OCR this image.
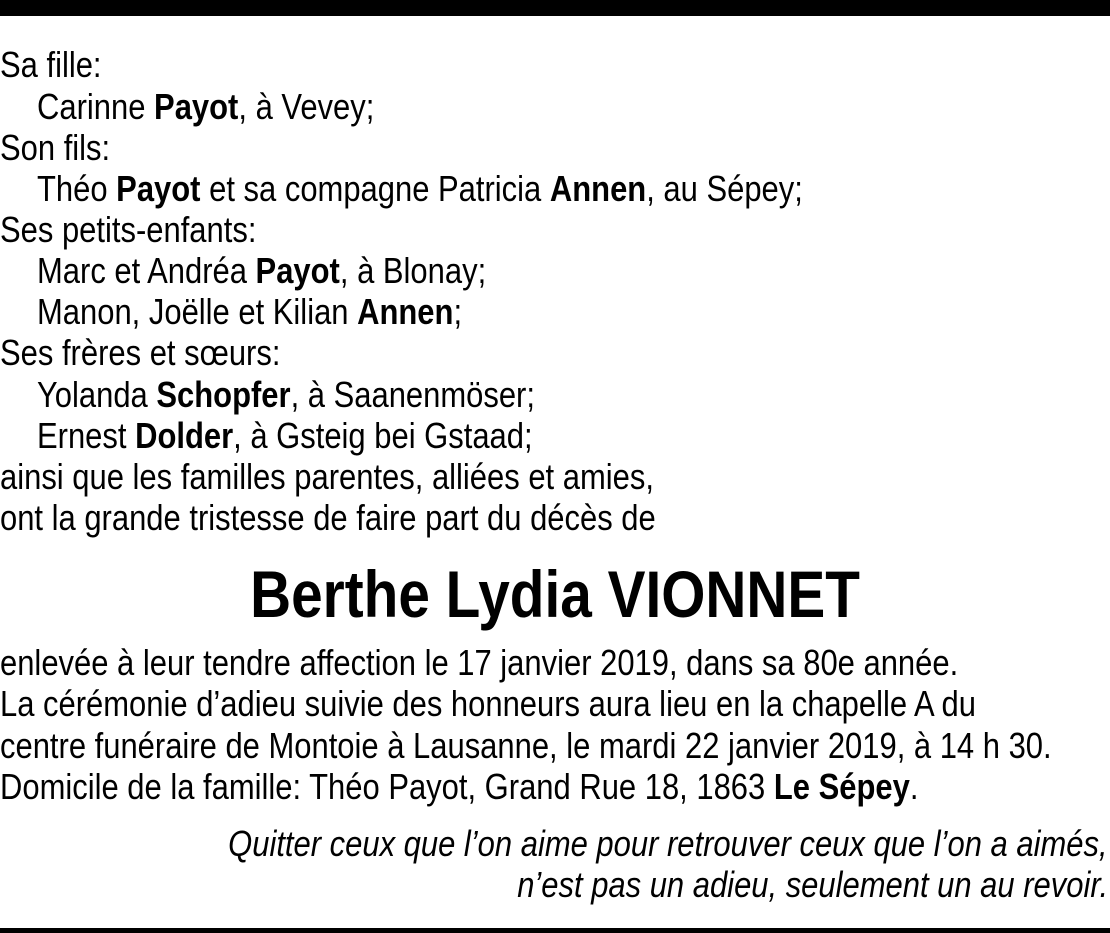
Sa fille:
Carinne Payot, à Vevey;
Son fils:
Théo Payot et sa compagne Patricia Annen, au Sépey;
Ses petits-enfants:
Marc et Andréa Payot, à Blonay;
Manon, Joëlle et Kilian Annen;
Ses frères et sœurs:
Yolanda Schopfer, à Saanenmöser;
Ernest Dolder, à Gsteig bei Gstaad;
ainsi que les familles parentes, alliées et amies,
ont la grande tristesse de faire part du décès de
Berthe Lydia VIONNET
enlevée à leur tendre affection le 17 janvier 2019, dans sa 80e année.
La cérémonie d’adieu suivie des honneurs aura lieu en la chapelle A du
centre funéraire de Montoie à Lausanne, le mardi 22 janvier 2019, à 14 h 30.
Domicile de la famille: Théo Payot, Grand Rue 18, 1863 Le Sépey.
Quitter ceux que l’on aime pour retrouver ceux que l’on a aimés,
n’est pas un adieu, seulement un au revoir.
